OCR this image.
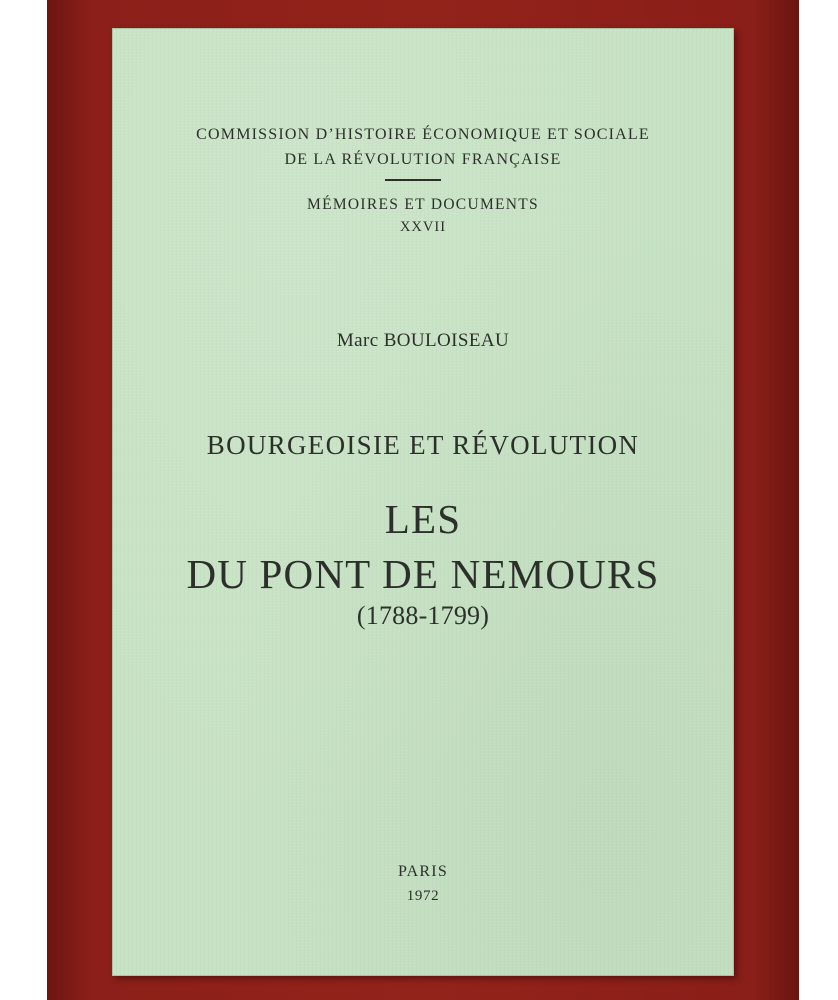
COMMISSION D’HISTOIRE ÉCONOMIQUE ET SOCIALE
DE LA RÉVOLUTION FRANÇAISE
MÉMOIRES ET DOCUMENTS
XXVII
Marc BOULOISEAU
BOURGEOISIE ET RÉVOLUTION
LES
DU PONT DE NEMOURS
(1788-1799)
PARIS
1972
